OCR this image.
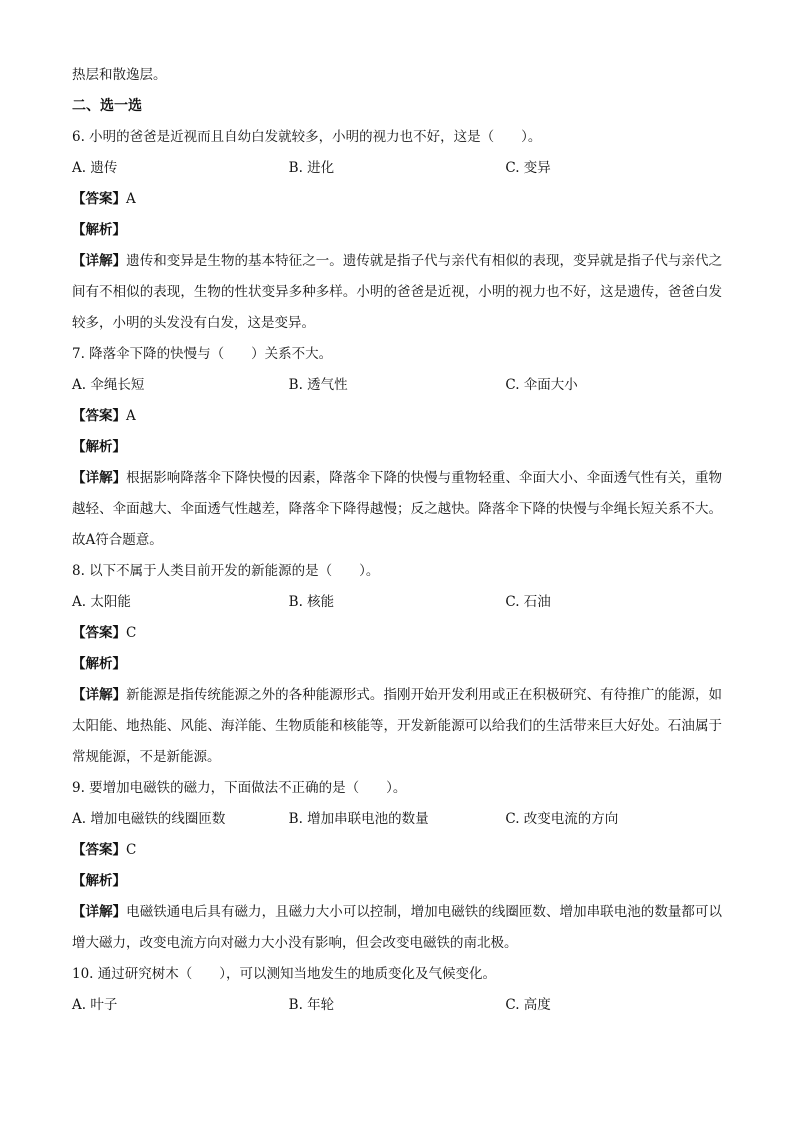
热层和散逸层。
二、选一选
6. 小明的爸爸是近视而且自幼白发就较多，小明的视力也不好，这是（　　）。
A. 遗传	B. 进化	C. 变异
【答案】A
【解析】
【详解】遗传和变异是生物的基本特征之一。遗传就是指子代与亲代有相似的表现，变异就是指子代与亲代之间有不相似的表现，生物的性状变异多种多样。小明的爸爸是近视，小明的视力也不好，这是遗传，爸爸白发较多，小明的头发没有白发，这是变异。
7. 降落伞下降的快慢与（　　）关系不大。
A. 伞绳长短	B. 透气性	C. 伞面大小
【答案】A
【解析】
【详解】根据影响降落伞下降快慢的因素，降落伞下降的快慢与重物轻重、伞面大小、伞面透气性有关，重物越轻、伞面越大、伞面透气性越差，降落伞下降得越慢；反之越快。降落伞下降的快慢与伞绳长短关系不大。故A符合题意。
8. 以下不属于人类目前开发的新能源的是（　　）。
A. 太阳能	B. 核能	C. 石油
【答案】C
【解析】
【详解】新能源是指传统能源之外的各种能源形式。指刚开始开发利用或正在积极研究、有待推广的能源，如太阳能、地热能、风能、海洋能、生物质能和核能等，开发新能源可以给我们的生活带来巨大好处。石油属于常规能源，不是新能源。
9. 要增加电磁铁的磁力，下面做法不正确的是（　　）。
A. 增加电磁铁的线圈匝数	B. 增加串联电池的数量	C. 改变电流的方向
【答案】C
【解析】
【详解】电磁铁通电后具有磁力，且磁力大小可以控制，增加电磁铁的线圈匝数、增加串联电池的数量都可以增大磁力，改变电流方向对磁力大小没有影响，但会改变电磁铁的南北极。
10. 通过研究树木（　　），可以测知当地发生的地质变化及气候变化。
A. 叶子	B. 年轮	C. 高度
